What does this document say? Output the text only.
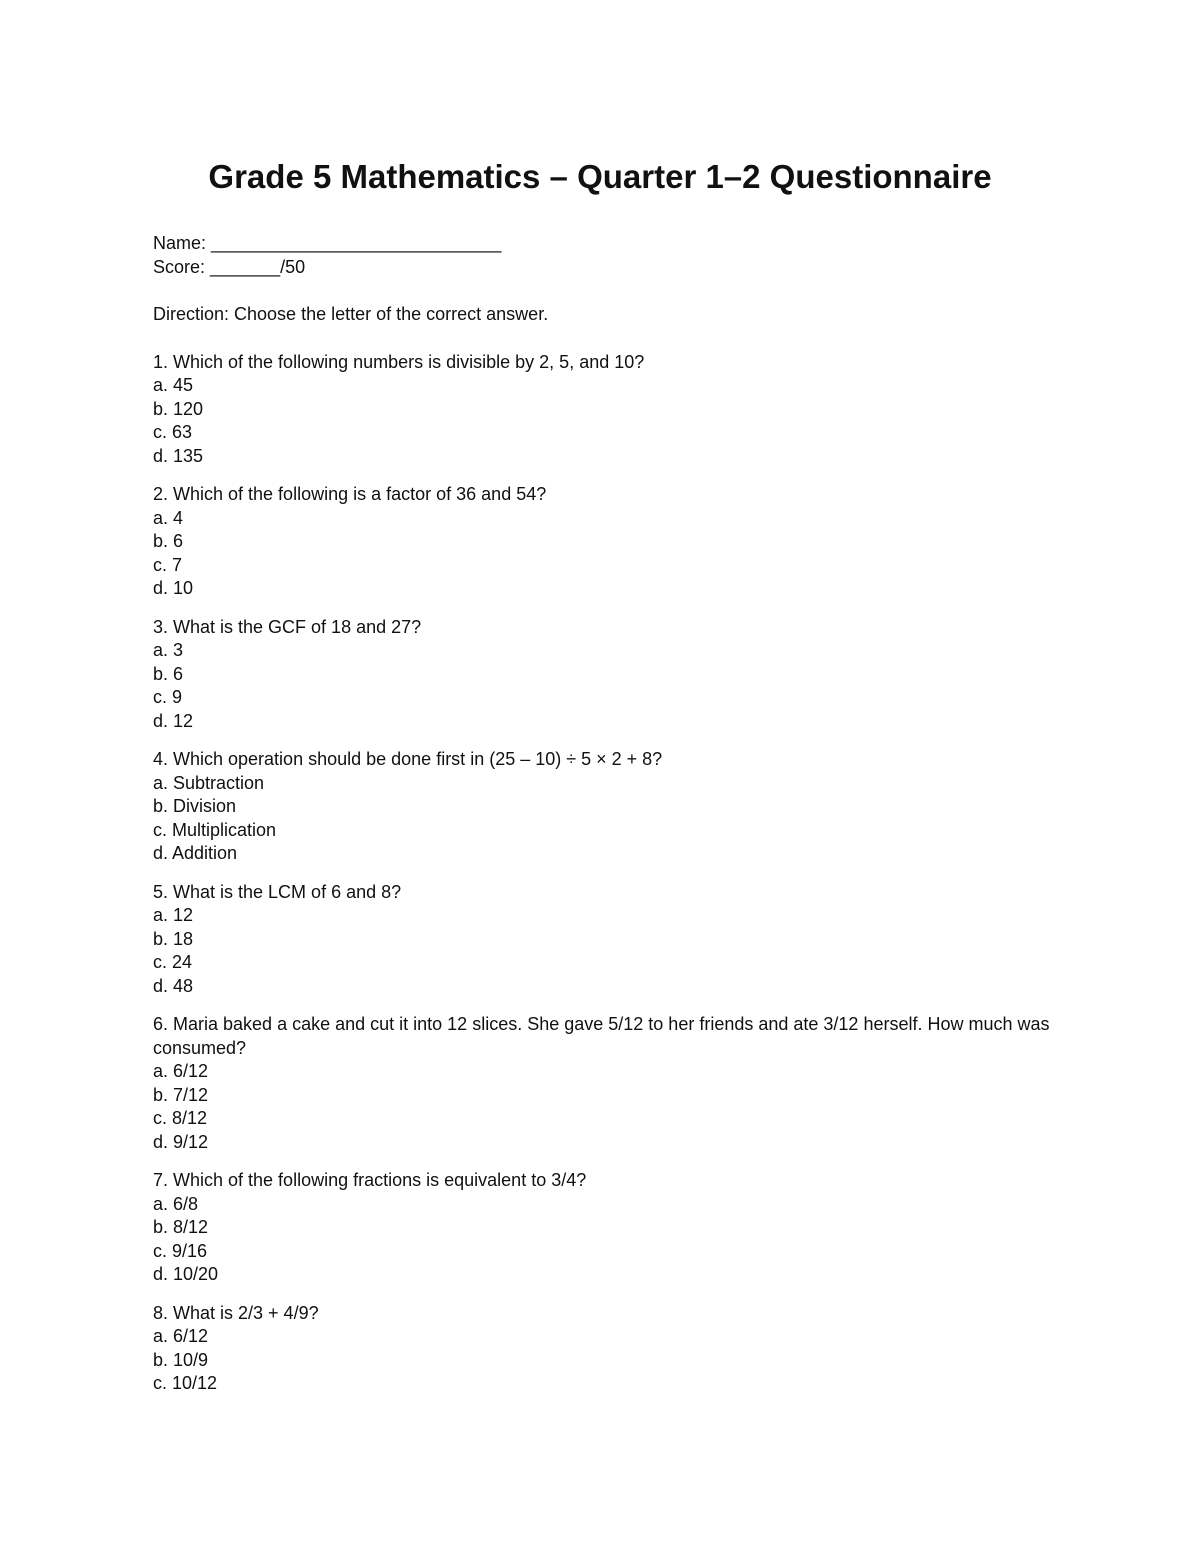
Grade 5 Mathematics – Quarter 1–2 Questionnaire
Name: _____________________________
Score: _______/50
Direction: Choose the letter of the correct answer.
1. Which of the following numbers is divisible by 2, 5, and 10?
a. 45
b. 120
c. 63
d. 135
2. Which of the following is a factor of 36 and 54?
a. 4
b. 6
c. 7
d. 10
3. What is the GCF of 18 and 27?
a. 3
b. 6
c. 9
d. 12
4. Which operation should be done first in (25 – 10) ÷ 5 × 2 + 8?
a. Subtraction
b. Division
c. Multiplication
d. Addition
5. What is the LCM of 6 and 8?
a. 12
b. 18
c. 24
d. 48
6. Maria baked a cake and cut it into 12 slices. She gave 5/12 to her friends and ate 3/12 herself. How much was consumed?
a. 6/12
b. 7/12
c. 8/12
d. 9/12
7. Which of the following fractions is equivalent to 3/4?
a. 6/8
b. 8/12
c. 9/16
d. 10/20
8. What is 2/3 + 4/9?
a. 6/12
b. 10/9
c. 10/12
